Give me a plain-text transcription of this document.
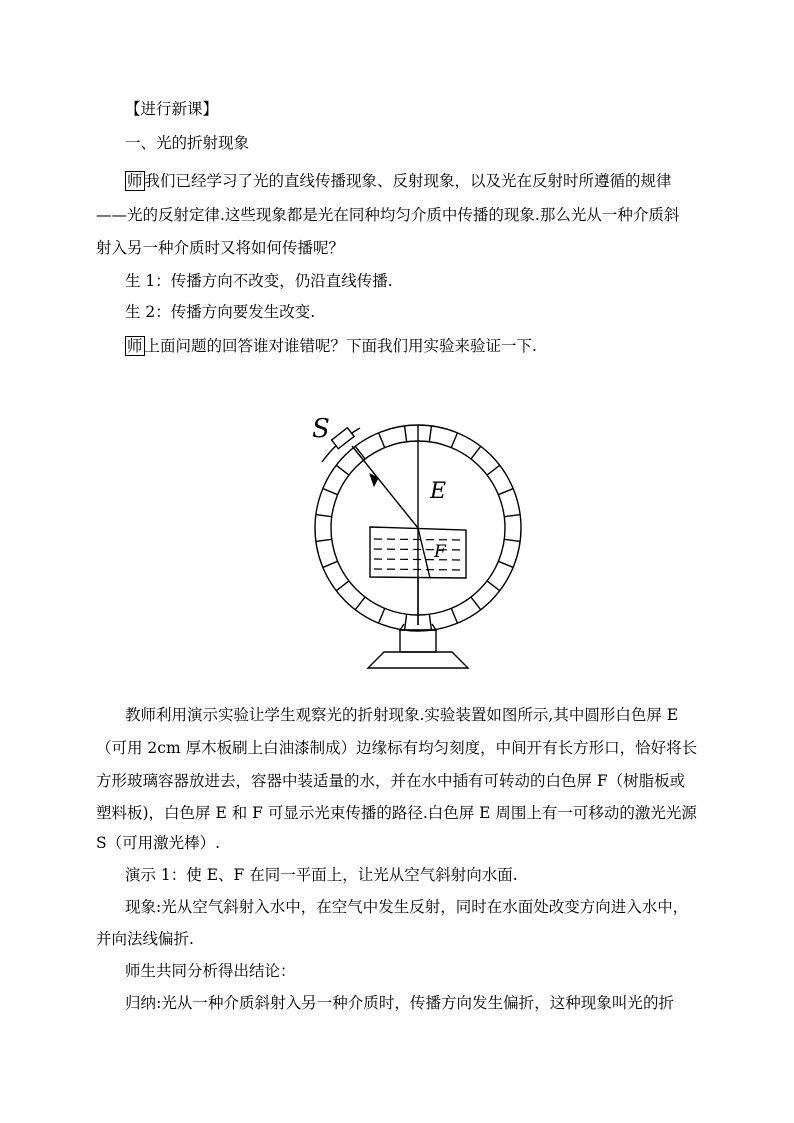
【进行新课】
一、光的折射现象
师 我们已经学习了光的直线传播现象、反射现象，以及光在反射时所遵循的规律
——光的反射定律.这些现象都是光在同种均匀介质中传播的现象.那么光从一种介质斜
射入另一种介质时又将如何传播呢？
生 1：传播方向不改变，仍沿直线传播.
生 2：传播方向要发生改变.
师 上面问题的回答谁对谁错呢？下面我们用实验来验证一下.
S
E
F
教师利用演示实验让学生观察光的折射现象.实验装置如图所示,其中圆形白色屏 E
（可用 2cm 厚木板刷上白油漆制成）边缘标有均匀刻度，中间开有长方形口，恰好将长
方形玻璃容器放进去，容器中装适量的水，并在水中插有可转动的白色屏 F（树脂板或
塑料板)，白色屏 E 和 F 可显示光束传播的路径.白色屏 E 周围上有一可移动的激光光源
S（可用激光棒）.
演示 1：使 E、F 在同一平面上，让光从空气斜射向水面.
现象:光从空气斜射入水中，在空气中发生反射，同时在水面处改变方向进入水中，
并向法线偏折.
师生共同分析得出结论：
归纳:光从一种介质斜射入另一种介质时，传播方向发生偏折，这种现象叫光的折
